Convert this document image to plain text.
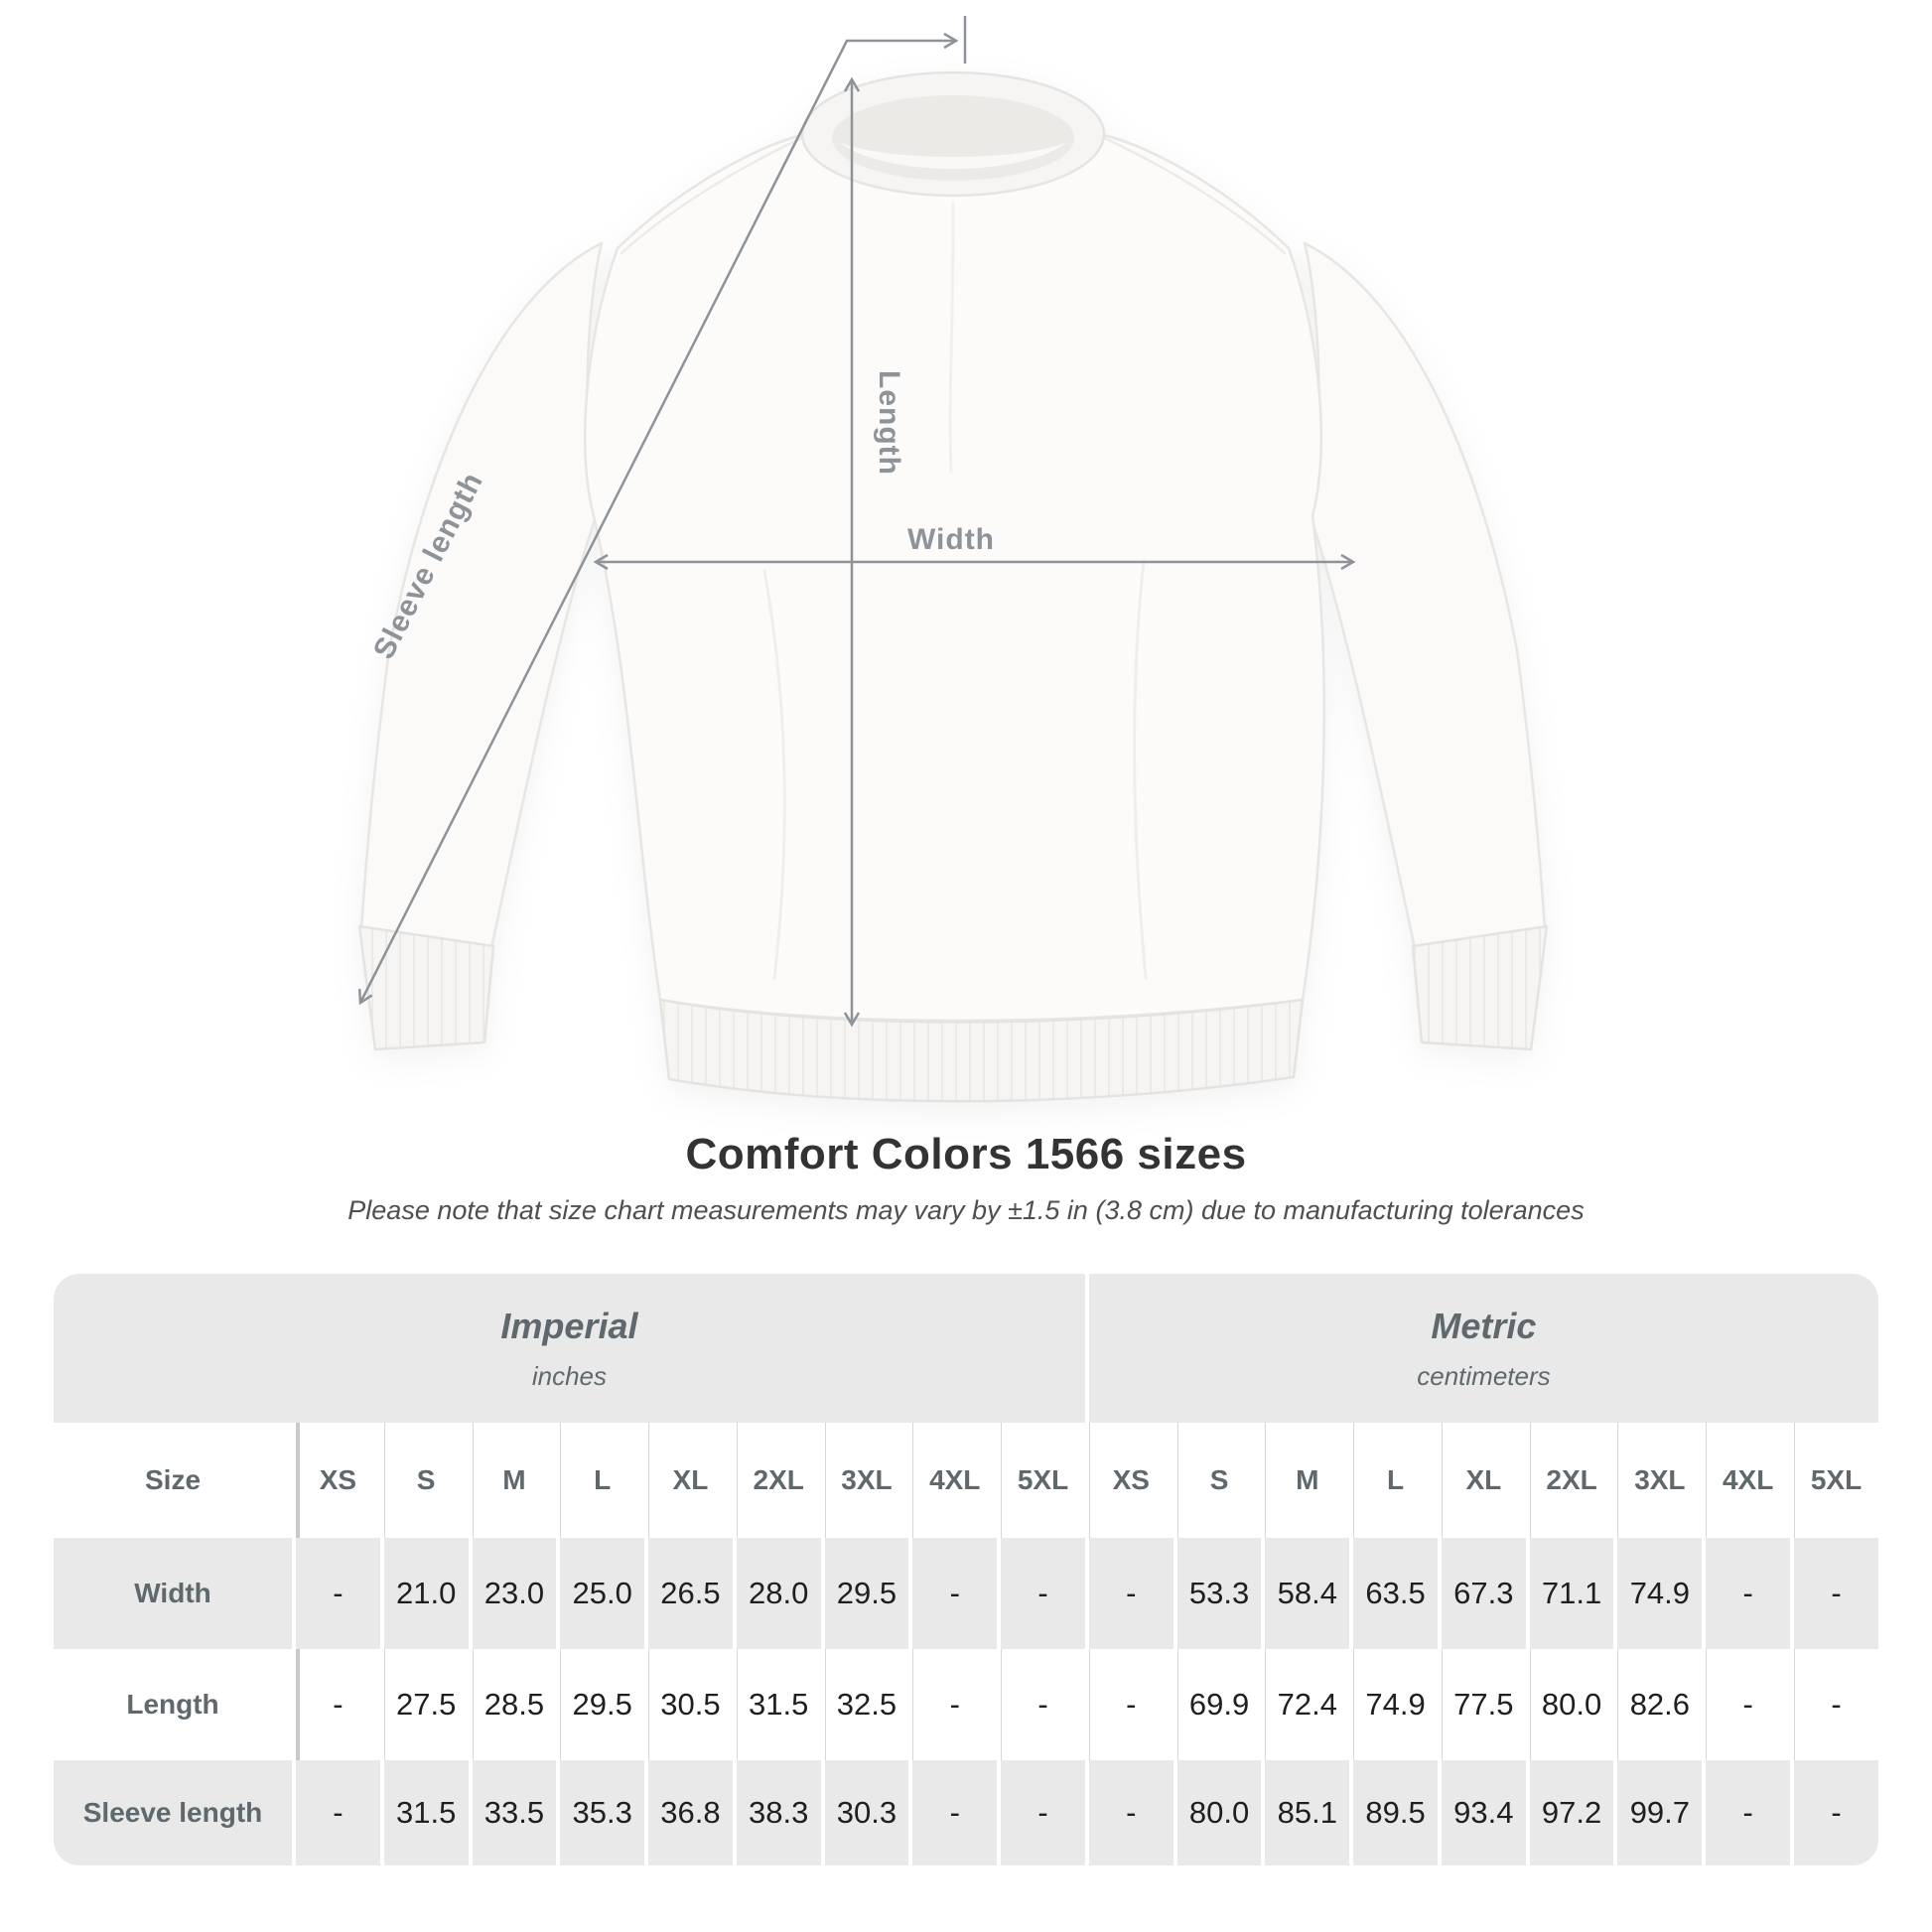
Length
Width
Sleeve length
Comfort Colors 1566 sizes
Please note that size chart measurements may vary by ±1.5 in (3.8 cm) due to manufacturing tolerances
Imperial
inches

Metric
centimeters

Size	XS	S	M	L	XL	2XL	3XL	4XL	5XL	XS	S	M	L	XL	2XL	3XL	4XL	5XL
Width	-	21.0	23.0	25.0	26.5	28.0	29.5	-	-	-	53.3	58.4	63.5	67.3	71.1	74.9	-	-
Length	-	27.5	28.5	29.5	30.5	31.5	32.5	-	-	-	69.9	72.4	74.9	77.5	80.0	82.6	-	-
Sleeve length	-	31.5	33.5	35.3	36.8	38.3	30.3	-	-	-	80.0	85.1	89.5	93.4	97.2	99.7	-	-
